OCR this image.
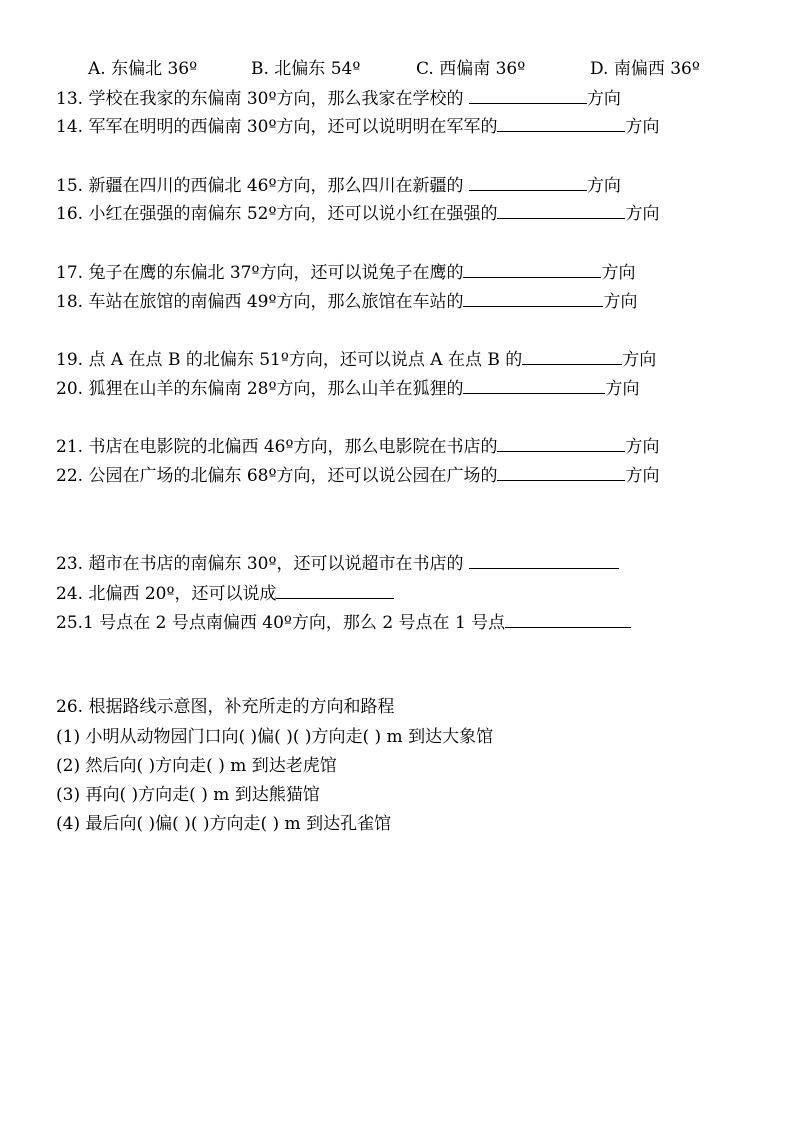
A. 东偏北 36º	B. 北偏东 54º	C. 西偏南 36º	D. 南偏西 36º
13. 学校在我家的东偏南 30º方向，那么我家在学校的	方向
14. 军军在明明的西偏南 30º方向，还可以说明明在军军的	方向
15. 新疆在四川的西偏北 46º方向，那么四川在新疆的	方向
16. 小红在强强的南偏东 52º方向，还可以说小红在强强的	方向
17. 兔子在鹰的东偏北 37º方向，还可以说兔子在鹰的	方向
18. 车站在旅馆的南偏西 49º方向，那么旅馆在车站的	方向
19. 点 A 在点 B 的北偏东 51º方向，还可以说点 A 在点 B 的	方向
20. 狐狸在山羊的东偏南 28º方向，那么山羊在狐狸的	方向
21. 书店在电影院的北偏西 46º方向，那么电影院在书店的	方向
22. 公园在广场的北偏东 68º方向，还可以说公园在广场的	方向
23. 超市在书店的南偏东 30º，还可以说超市在书店的
24. 北偏西 20º，还可以说成
25.1 号点在 2 号点南偏西 40º方向，那么 2 号点在 1 号点
26. 根据路线示意图，补充所走的方向和路程
(1) 小明从动物园门口向( )偏( )( )方向走( ) m 到达大象馆
(2) 然后向( )方向走( ) m 到达老虎馆
(3) 再向( )方向走( ) m 到达熊猫馆
(4) 最后向( )偏( )( )方向走( ) m 到达孔雀馆
